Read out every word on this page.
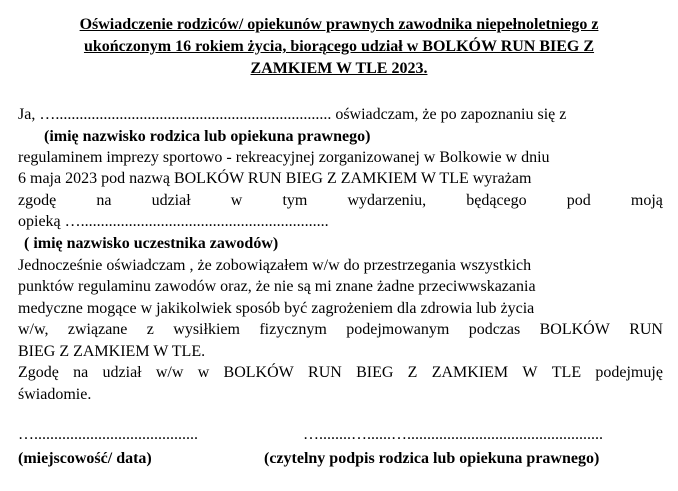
Oświadczenie rodziców/ opiekunów prawnych zawodnika niepełnoletniego z
ukończonym 16 rokiem życia, biorącego udział w BOLKÓW RUN BIEG Z
ZAMKIEM W TLE 2023.
Ja, …..................................................................... oświadczam, że po zapoznaniu się z
(imię nazwisko rodzica lub opiekuna prawnego)
regulaminem imprezy sportowo - rekreacyjnej zorganizowanej w Bolkowie w dniu
6 maja 2023 pod nazwą BOLKÓW RUN BIEG Z ZAMKIEM W TLE wyrażam
zgodę	na	udział	w	tym	wydarzeniu,	będącego	pod	moją
opieką …..............................................................
( imię nazwisko uczestnika zawodów)
Jednocześnie oświadczam , że zobowiązałem w/w do przestrzegania wszystkich
punktów regulaminu zawodów oraz, że nie są mi znane żadne przeciwwskazania
medyczne mogące w jakikolwiek sposób być zagrożeniem dla zdrowia lub życia
w/w, związane z wysiłkiem fizycznym podejmowanym podczas BOLKÓW RUN
BIEG Z ZAMKIEM W TLE.
Zgodę na udział w/w w BOLKÓW RUN BIEG Z ZAMKIEM W TLE podejmuję
świadomie.
….........................................	…........…......….................................................
(miejscowość/ data)	(czytelny podpis rodzica lub opiekuna prawnego)
